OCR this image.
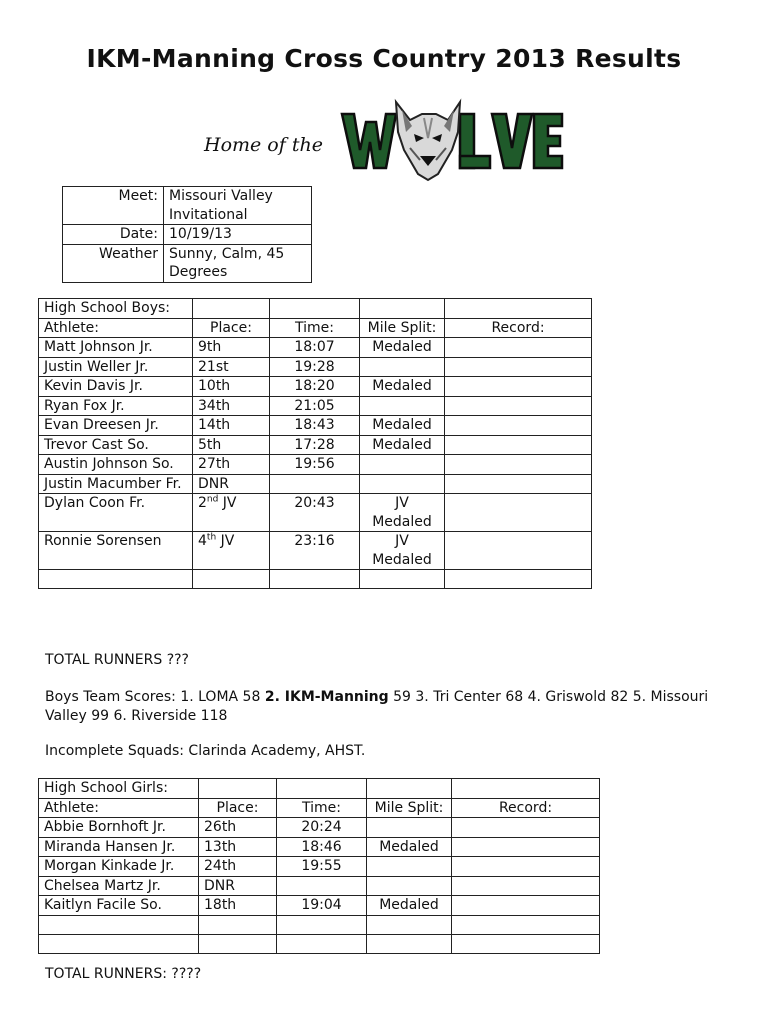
IKM-Manning Cross Country 2013 Results
Home of the
Meet:	Missouri Valley Invitational
Date:	10/19/13
Weather	Sunny, Calm, 45 Degrees
High School Boys:				
Athlete:	Place:	Time:	Mile Split:	Record:
Matt Johnson Jr.	9th	18:07	Medaled	
Justin Weller Jr.	21st	19:28		
Kevin Davis Jr.	10th	18:20	Medaled	
Ryan Fox Jr.	34th	21:05		
Evan Dreesen Jr.	14th	18:43	Medaled	
Trevor Cast So.	5th	17:28	Medaled	
Austin Johnson So.	27th	19:56		
Justin Macumber Fr.	DNR			
Dylan Coon Fr.	2nd JV	20:43	JV Medaled	
Ronnie Sorensen	4th JV	23:16	JV Medaled	

TOTAL RUNNERS ???
Boys Team Scores: 1. LOMA 58 2. IKM-Manning 59 3. Tri Center 68 4. Griswold 82 5. Missouri Valley 99 6. Riverside 118
Incomplete Squads: Clarinda Academy, AHST.
High School Girls:				
Athlete:	Place:	Time:	Mile Split:	Record:
Abbie Bornhoft Jr.	26th	20:24		
Miranda Hansen Jr.	13th	18:46	Medaled	
Morgan Kinkade Jr.	24th	19:55		
Chelsea Martz Jr.	DNR			
Kaitlyn Facile So.	18th	19:04	Medaled	

TOTAL RUNNERS: ????
